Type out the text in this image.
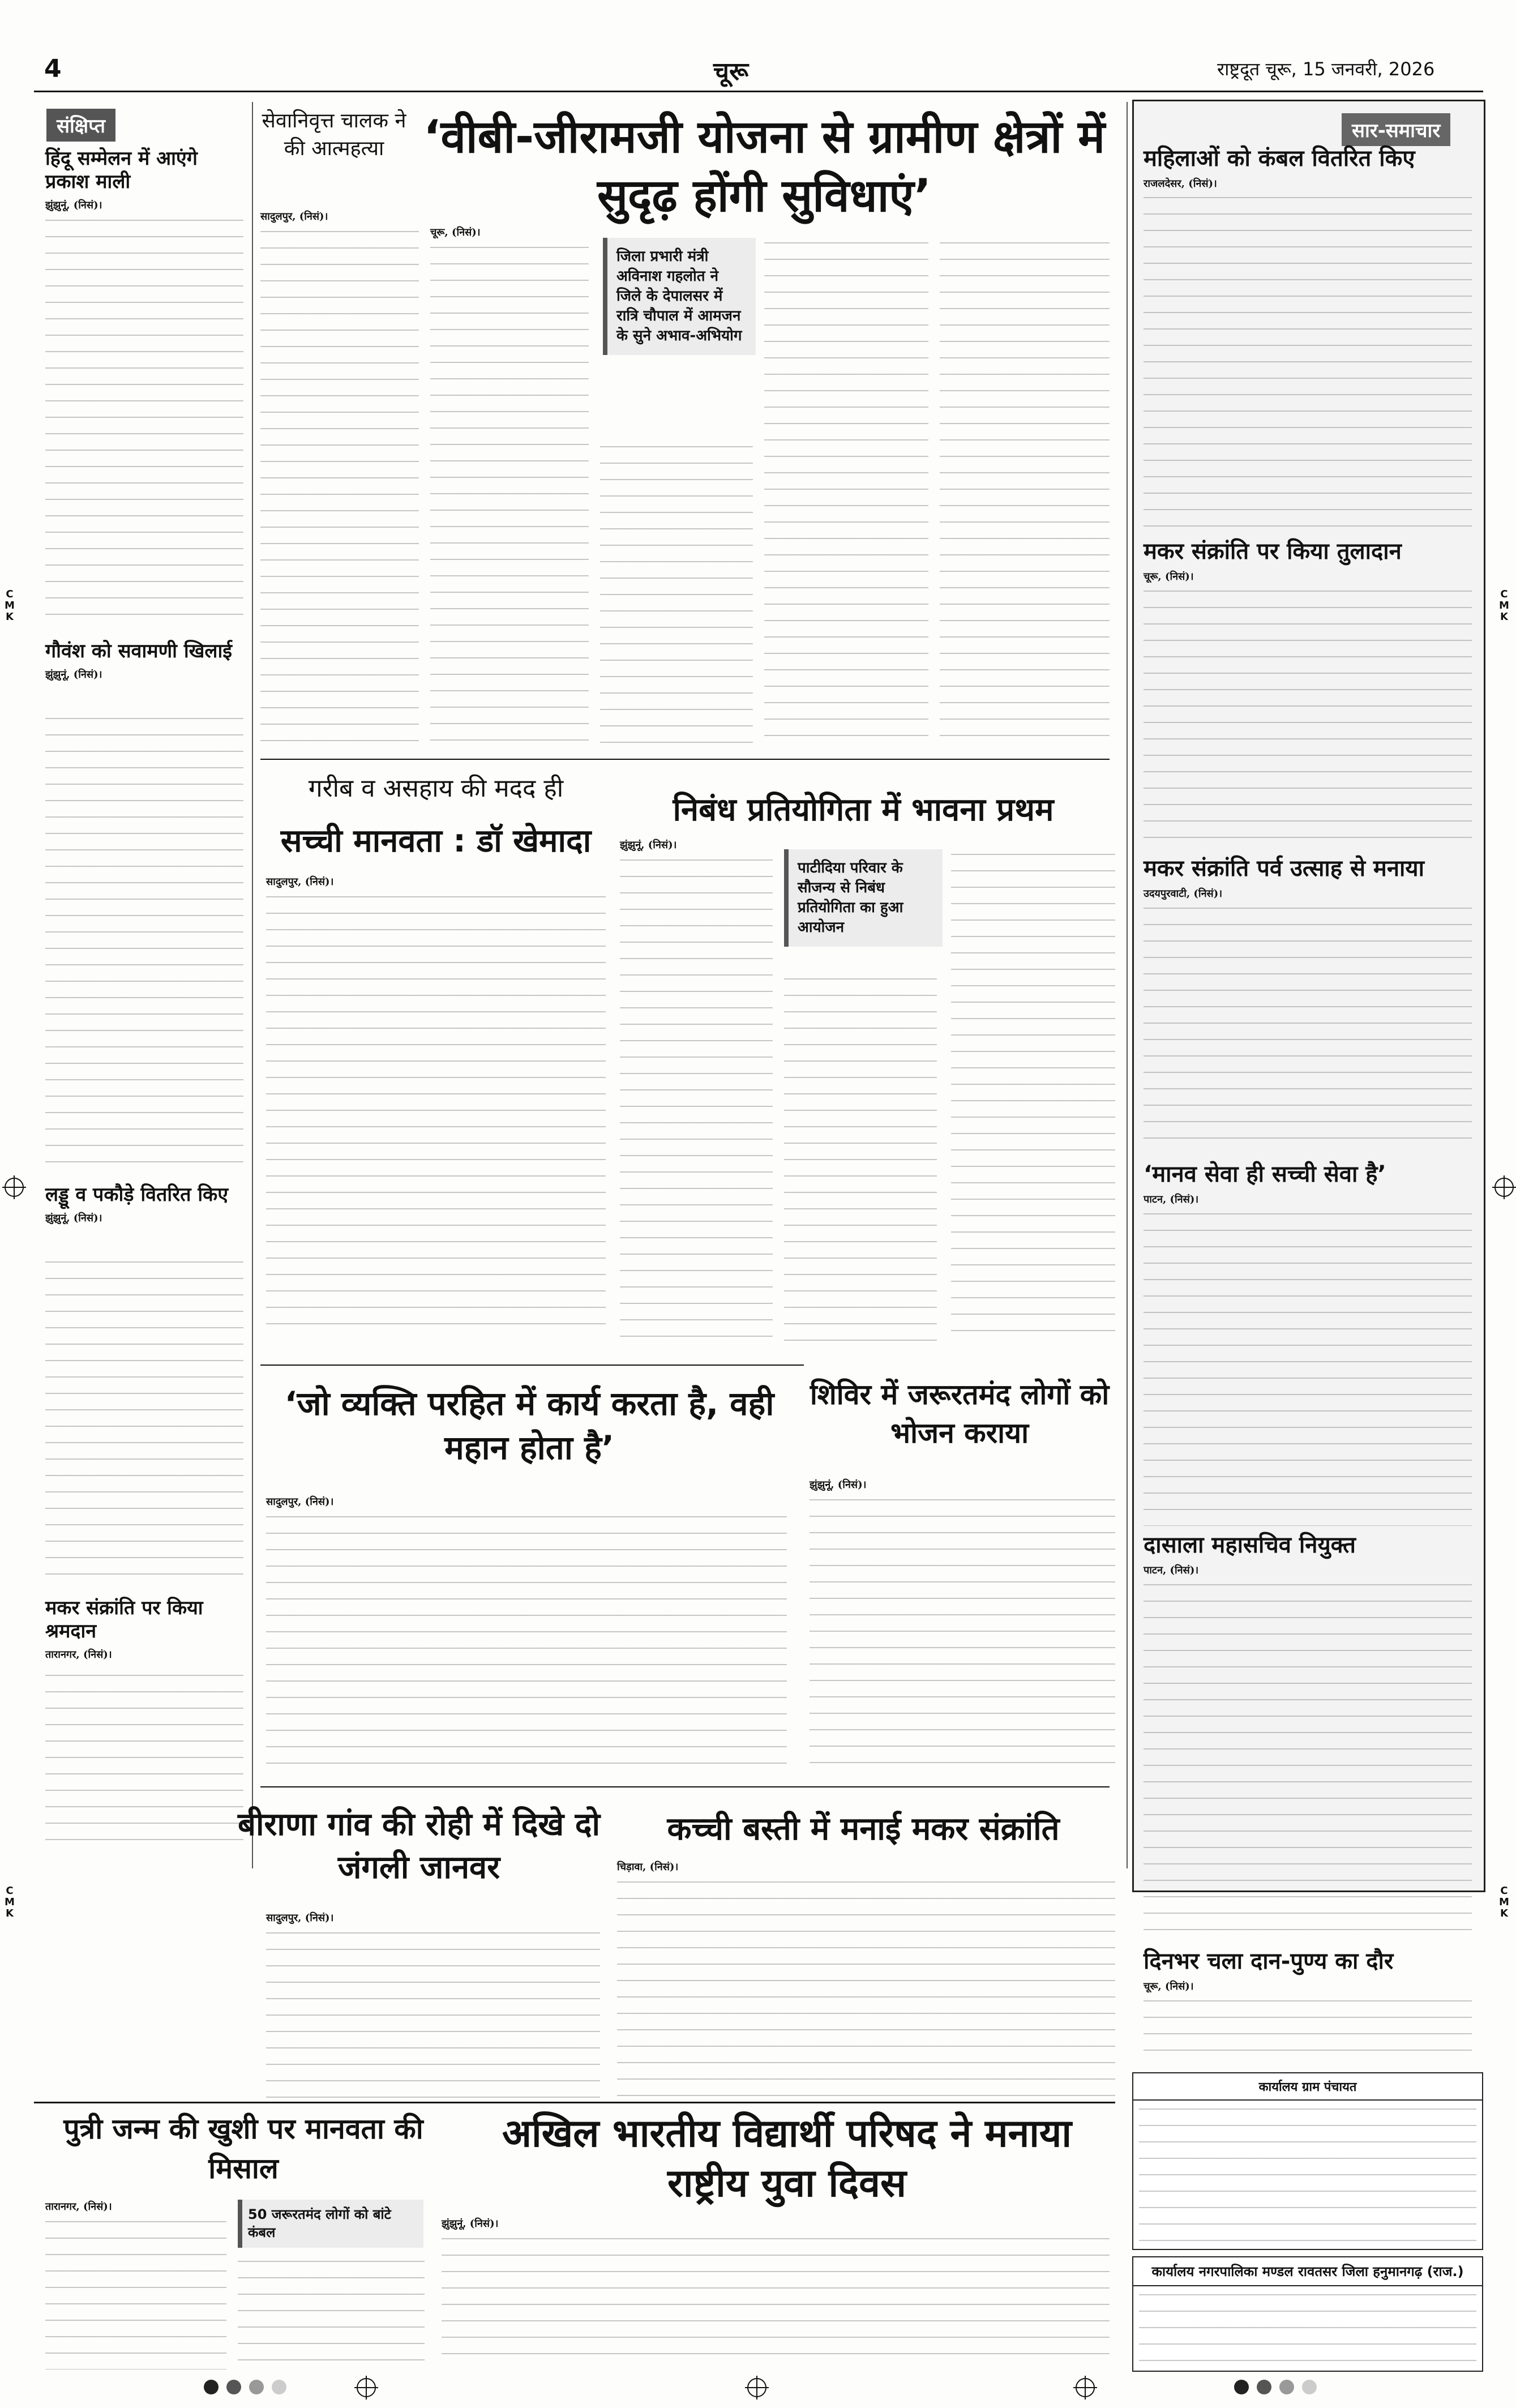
4	चूरू	राष्ट्रदूत चूरू, 15 जनवरी, 2026
संक्षिप्त
हिंदू सम्मेलन में आएंगे प्रकाश माली
झुंझुनूं, (निसं)।
गौवंश को सवामणी खिलाई
झुंझुनूं, (निसं)।
लड्डू व पकौड़े वितरित किए
झुंझुनूं, (निसं)।
मकर संक्रांति पर किया श्रमदान
तारानगर, (निसं)।
सेवानिवृत्त चालक ने की आत्महत्या
सादुलपुर, (निसं)।
‘वीबी-जीरामजी योजना से ग्रामीण क्षेत्रों में सुदृढ़ होंगी सुविधाएं’
चूरू, (निसं)।
जिला प्रभारी मंत्री अविनाश गहलोत ने जिले के देपालसर में रात्रि चौपाल में आमजन के सुने अभाव-अभियोग
गरीब व असहाय की मदद ही
सच्ची मानवता : डॉ खेमादा
सादुलपुर, (निसं)।
निबंध प्रतियोगिता में भावना प्रथम
झुंझुनूं, (निसं)।
पाटीदिया परिवार के सौजन्य से निबंध प्रतियोगिता का हुआ आयोजन
‘जो व्यक्ति परहित में कार्य करता है, वही महान होता है’
सादुलपुर, (निसं)।
शिविर में जरूरतमंद लोगों को भोजन कराया
झुंझुनूं, (निसं)।
बीराणा गांव की रोही में दिखे दो जंगली जानवर
सादुलपुर, (निसं)।
कच्ची बस्ती में मनाई मकर संक्रांति
चिड़ावा, (निसं)।
पुत्री जन्म की खुशी पर मानवता की मिसाल
तारानगर, (निसं)।	50 जरूरतमंद लोगों को बांटे कंबल
अखिल भारतीय विद्यार्थी परिषद ने मनाया राष्ट्रीय युवा दिवस
झुंझुनूं, (निसं)।
सार-समाचार
महिलाओं को कंबल वितरित किए
राजलदेसर, (निसं)।
मकर संक्रांति पर किया तुलादान
चूरू, (निसं)।
मकर संक्रांति पर्व उत्साह से मनाया
उदयपुरवाटी, (निसं)।
‘मानव सेवा ही सच्ची सेवा है’
पाटन, (निसं)।
दासाला महासचिव नियुक्त
पाटन, (निसं)।
दिनभर चला दान-पुण्य का दौर
चूरू, (निसं)।
कार्यालय ग्राम पंचायत
कार्यालय नगरपालिका मण्डल रावतसर जिला हनुमानगढ़ (राज.)
C
M
K
C
M
K
C
M
K
C
M
K
